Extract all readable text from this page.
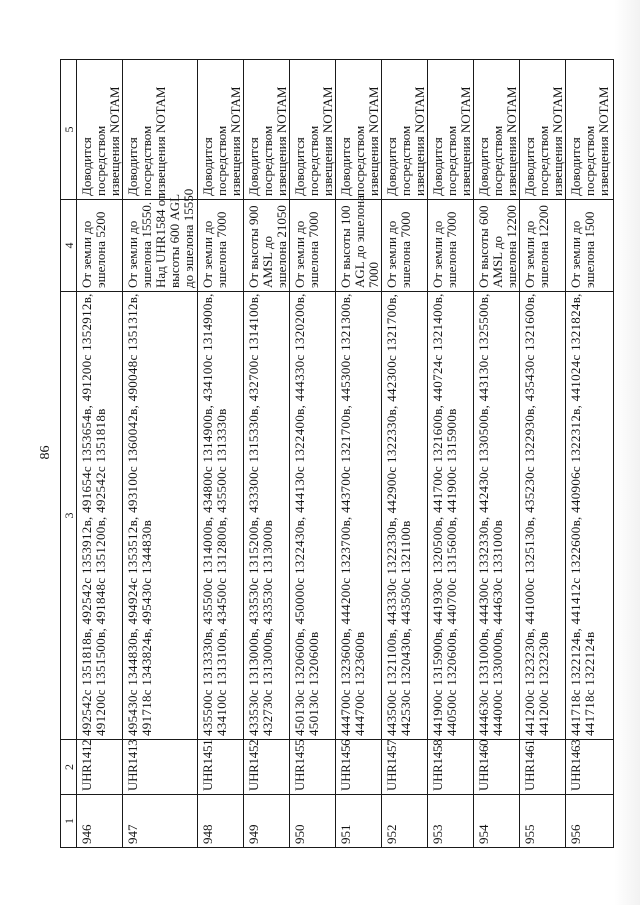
86
1	2	3	4	5

946	UHR1412	492542с 1351818в, 492542с 1353912в, 491654с 1353654в, 491200с 1352912в, 491200с 1351500в, 491848с 1351200в, 492542с 1351818в	От земли до эшелона 5200	Доводится посредством извещения NOTAM

947	UHR1413	495430с 1344830в, 494924с 1353512в, 493100с 1360042в, 490048с 1351312в, 491718с 1343824в, 495430с 1344830в	От земли до эшелона 15550. Над UHR1584 от высоты 600 AGL до эшелона 15550	Доводится посредством извещения NOTAM

948	UHR1451	435500с 1313330в, 435500с 1314000в, 434800с 1314900в, 434100с 1314900в, 434100с 1313100в, 434500с 1312800в, 435500с 1313330в	От земли до эшелона 7000	Доводится посредством извещения NOTAM

949	UHR1452	433530с 1313000в, 433530с 1315200в, 433300с 1315330в, 432700с 1314100в, 432730с 1313000в, 433530с 1313000в	От высоты 900 AMSL до эшелона 21050	Доводится посредством извещения NOTAM

950	UHR1455	450130с 1320600в, 450000с 1322430в, 444130с 1322400в, 444330с 1320200в, 450130с 1320600в	От земли до эшелона 7000	Доводится посредством извещения NOTAM

951	UHR1456	444700с 1323600в, 444200с 1323700в, 443700с 1321700в, 445300с 1321300в, 444700с 1323600в	От высоты 100 AGL до эшелона 7000	Доводится посредством извещения NOTAM

952	UHR1457	443500с 1321100в, 443330с 1322330в, 442900с 1322330в, 442300с 1321700в, 442530с 1320430в, 443500с 1321100в	От земли до эшелона 7000	Доводится посредством извещения NOTAM

953	UHR1458	441900с 1315900в, 441930с 1320500в, 441700с 1321600в, 440724с 1321400в, 440500с 1320600в, 440700с 1315600в, 441900с 1315900в	От земли до эшелона 7000	Доводится посредством извещения NOTAM

954	UHR1460	444630с 1331000в, 444300с 1332330в, 442430с 1330500в, 443130с 1325500в, 444000с 1330000в, 444630с 1331000в	От высоты 600 AMSL до эшелона 12200	Доводится посредством извещения NOTAM

955	UHR1461	441200с 1323230в, 441000с 1325130в, 435230с 1322930в, 435430с 1321600в, 441200с 1323230в	От земли до эшелона 12200	Доводится посредством извещения NOTAM

956	UHR1463	441718с 1322124в, 441412с 1322600в, 440906с 1322312в, 441024с 1321824в, 441718с 1322124в	От земли до эшелона 1500	Доводится посредством извещения NOTAM
